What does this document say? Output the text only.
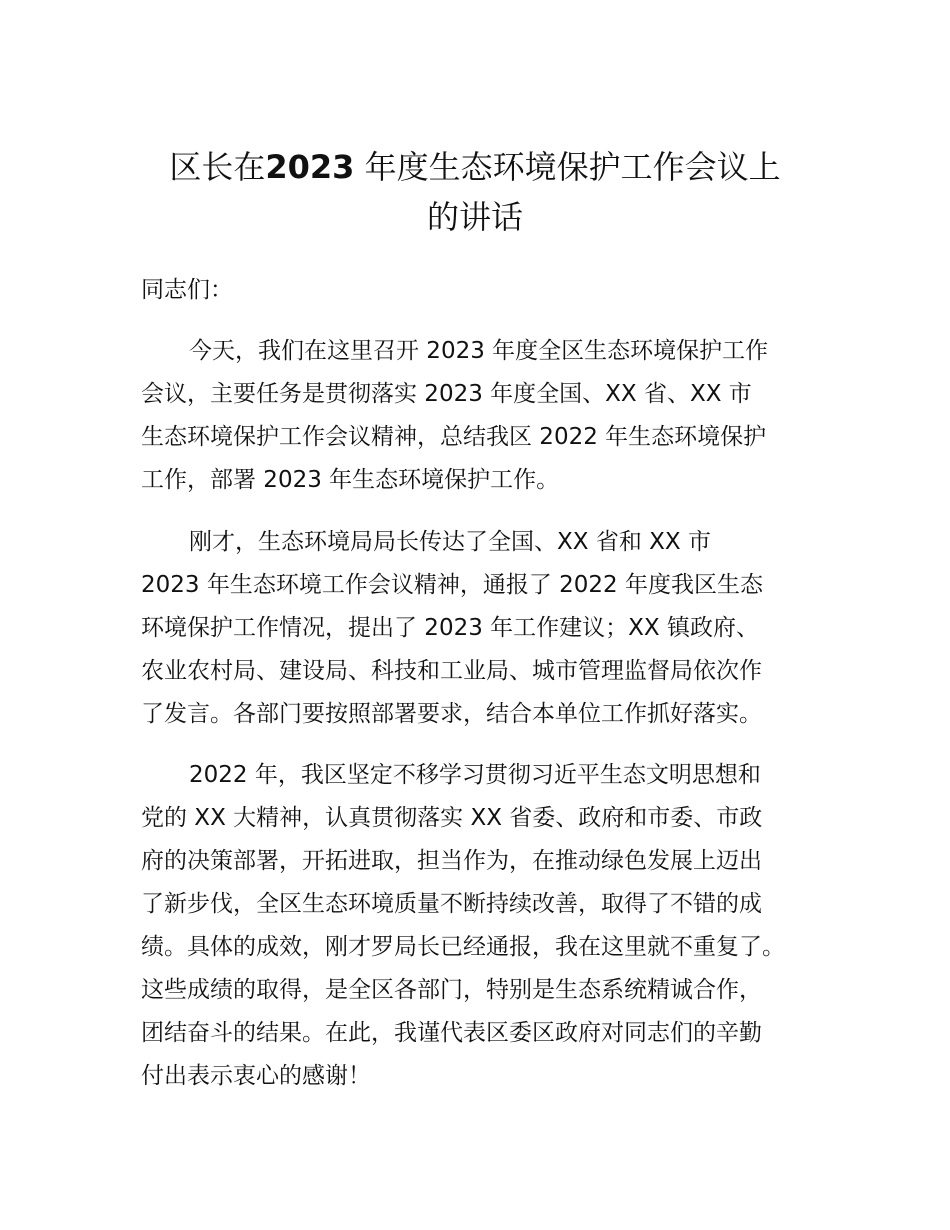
区长在2023 年度生态环境保护工作会议上
的讲话

同志们：

今天，我们在这里召开 2023 年度全区生态环境保护工作
会议，主要任务是贯彻落实 2023 年度全国、XX 省、XX 市
生态环境保护工作会议精神，总结我区 2022 年生态环境保护
工作，部署 2023 年生态环境保护工作。
刚才，生态环境局局长传达了全国、XX 省和 XX 市
2023 年生态环境工作会议精神，通报了 2022 年度我区生态
环境保护工作情况，提出了 2023 年工作建议；XX 镇政府、
农业农村局、建设局、科技和工业局、城市管理监督局依次作
了发言。各部门要按照部署要求，结合本单位工作抓好落实。
2022 年，我区坚定不移学习贯彻习近平生态文明思想和
党的 XX 大精神，认真贯彻落实 XX 省委、政府和市委、市政
府的决策部署，开拓进取，担当作为，在推动绿色发展上迈出
了新步伐，全区生态环境质量不断持续改善，取得了不错的成
绩。具体的成效，刚才罗局长已经通报，我在这里就不重复了。
这些成绩的取得，是全区各部门，特别是生态系统精诚合作，
团结奋斗的结果。在此，我谨代表区委区政府对同志们的辛勤
付出表示衷心的感谢！
